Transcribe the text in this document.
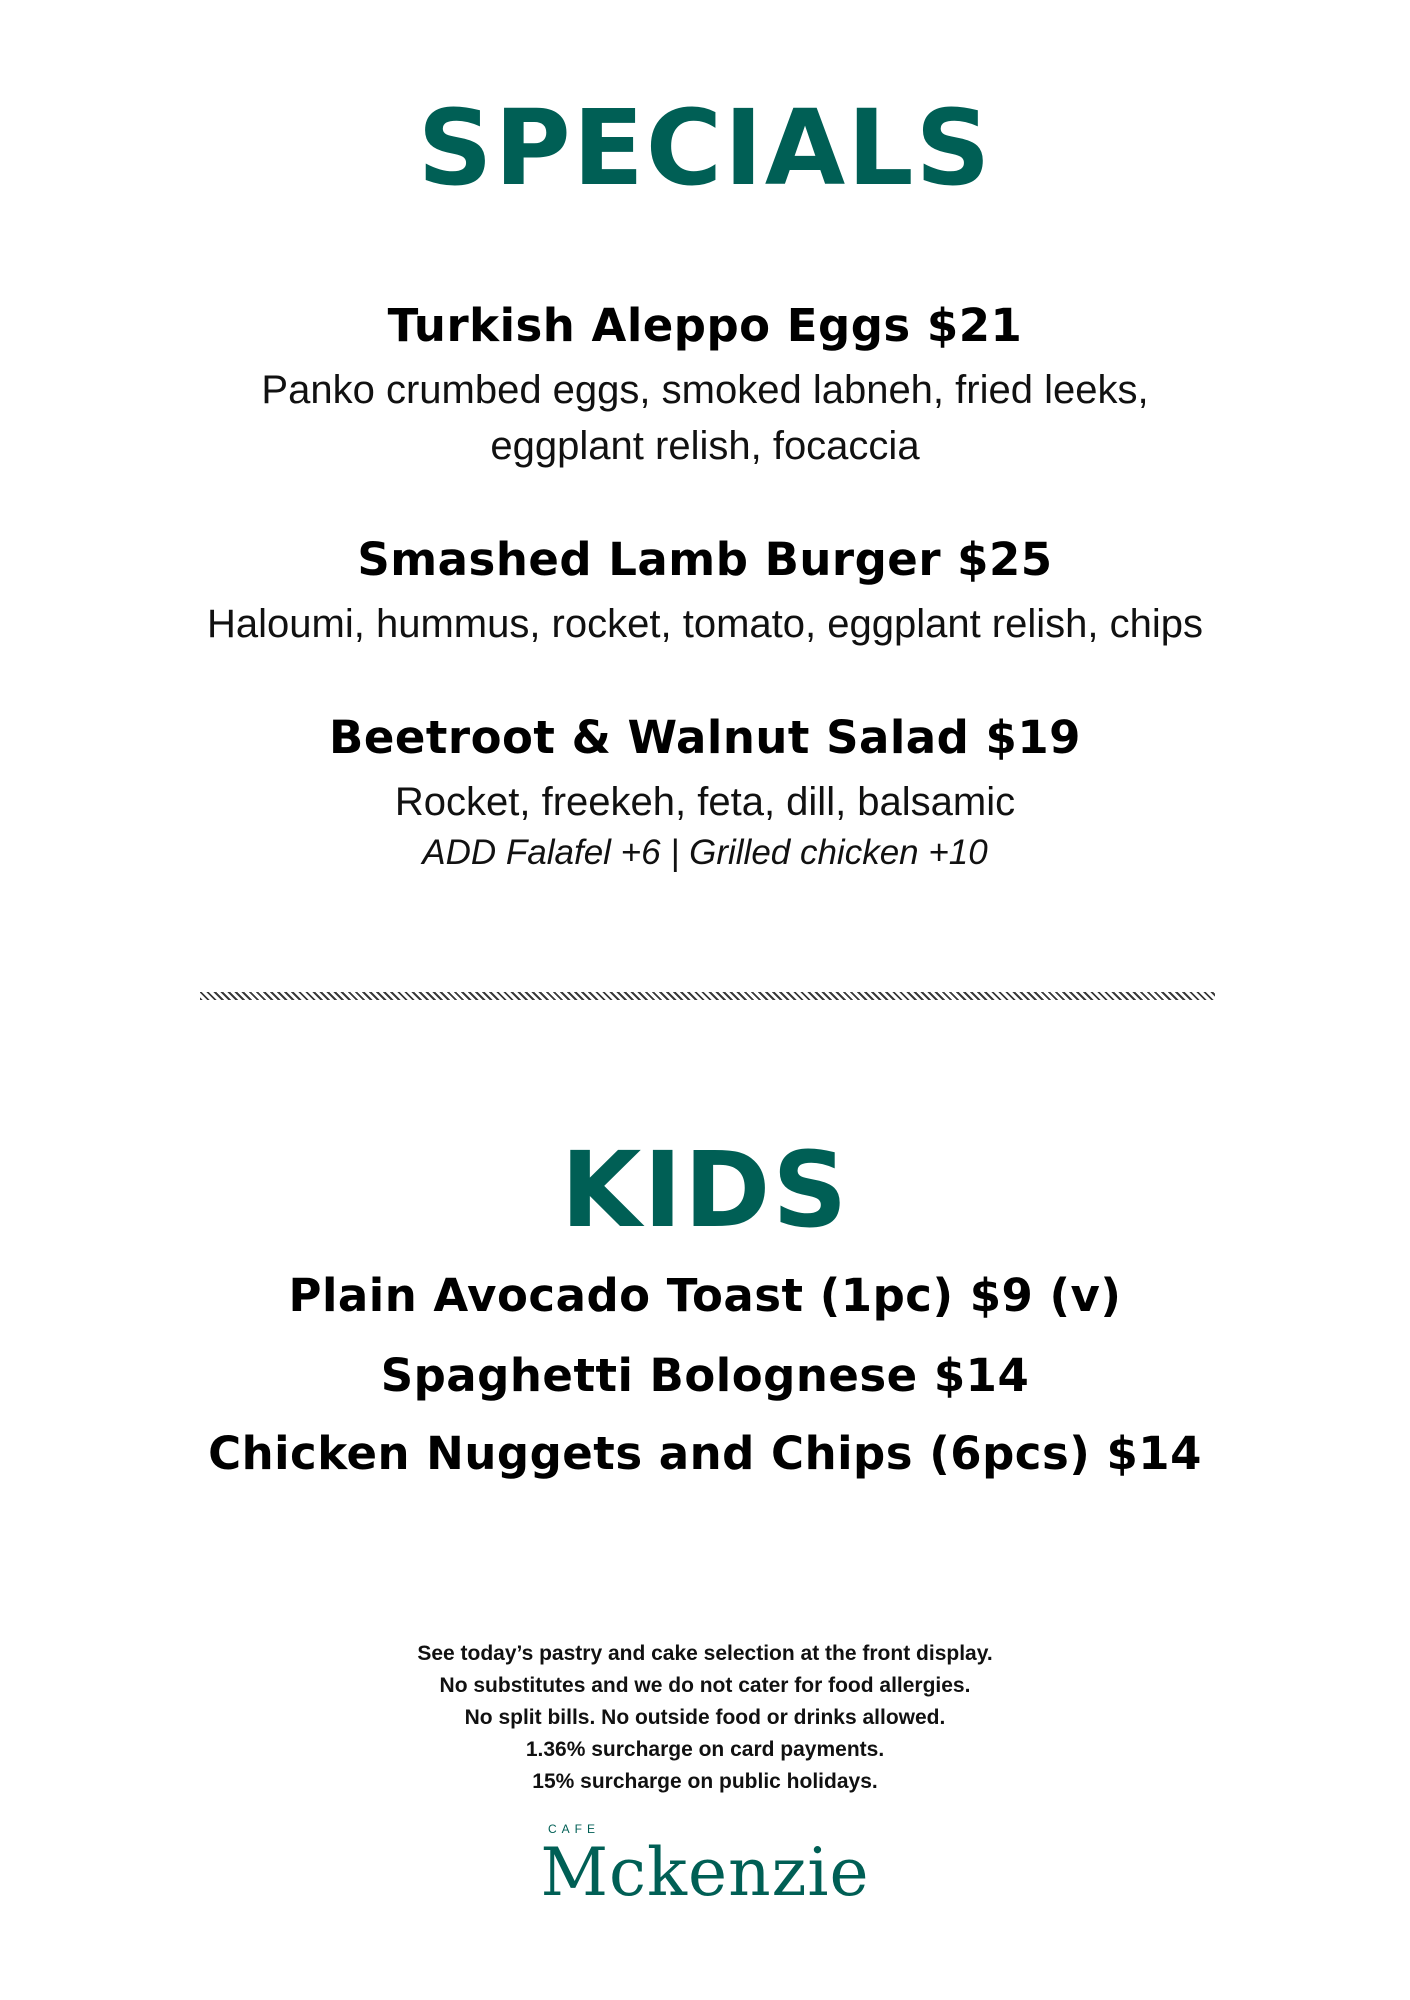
SPECIALS
Turkish Aleppo Eggs $21
Panko crumbed eggs, smoked labneh, fried leeks,
eggplant relish, focaccia
Smashed Lamb Burger $25
Haloumi, hummus, rocket, tomato, eggplant relish, chips
Beetroot & Walnut Salad $19
Rocket, freekeh, feta, dill, balsamic
ADD Falafel +6 | Grilled chicken +10
KIDS
Plain Avocado Toast (1pc) $9 (v)
Spaghetti Bolognese $14
Chicken Nuggets and Chips (6pcs) $14
See today’s pastry and cake selection at the front display.
No substitutes and we do not cater for food allergies.
No split bills. No outside food or drinks allowed.
1.36% surcharge on card payments.
15% surcharge on public holidays.
CAFE
Mckenzie
